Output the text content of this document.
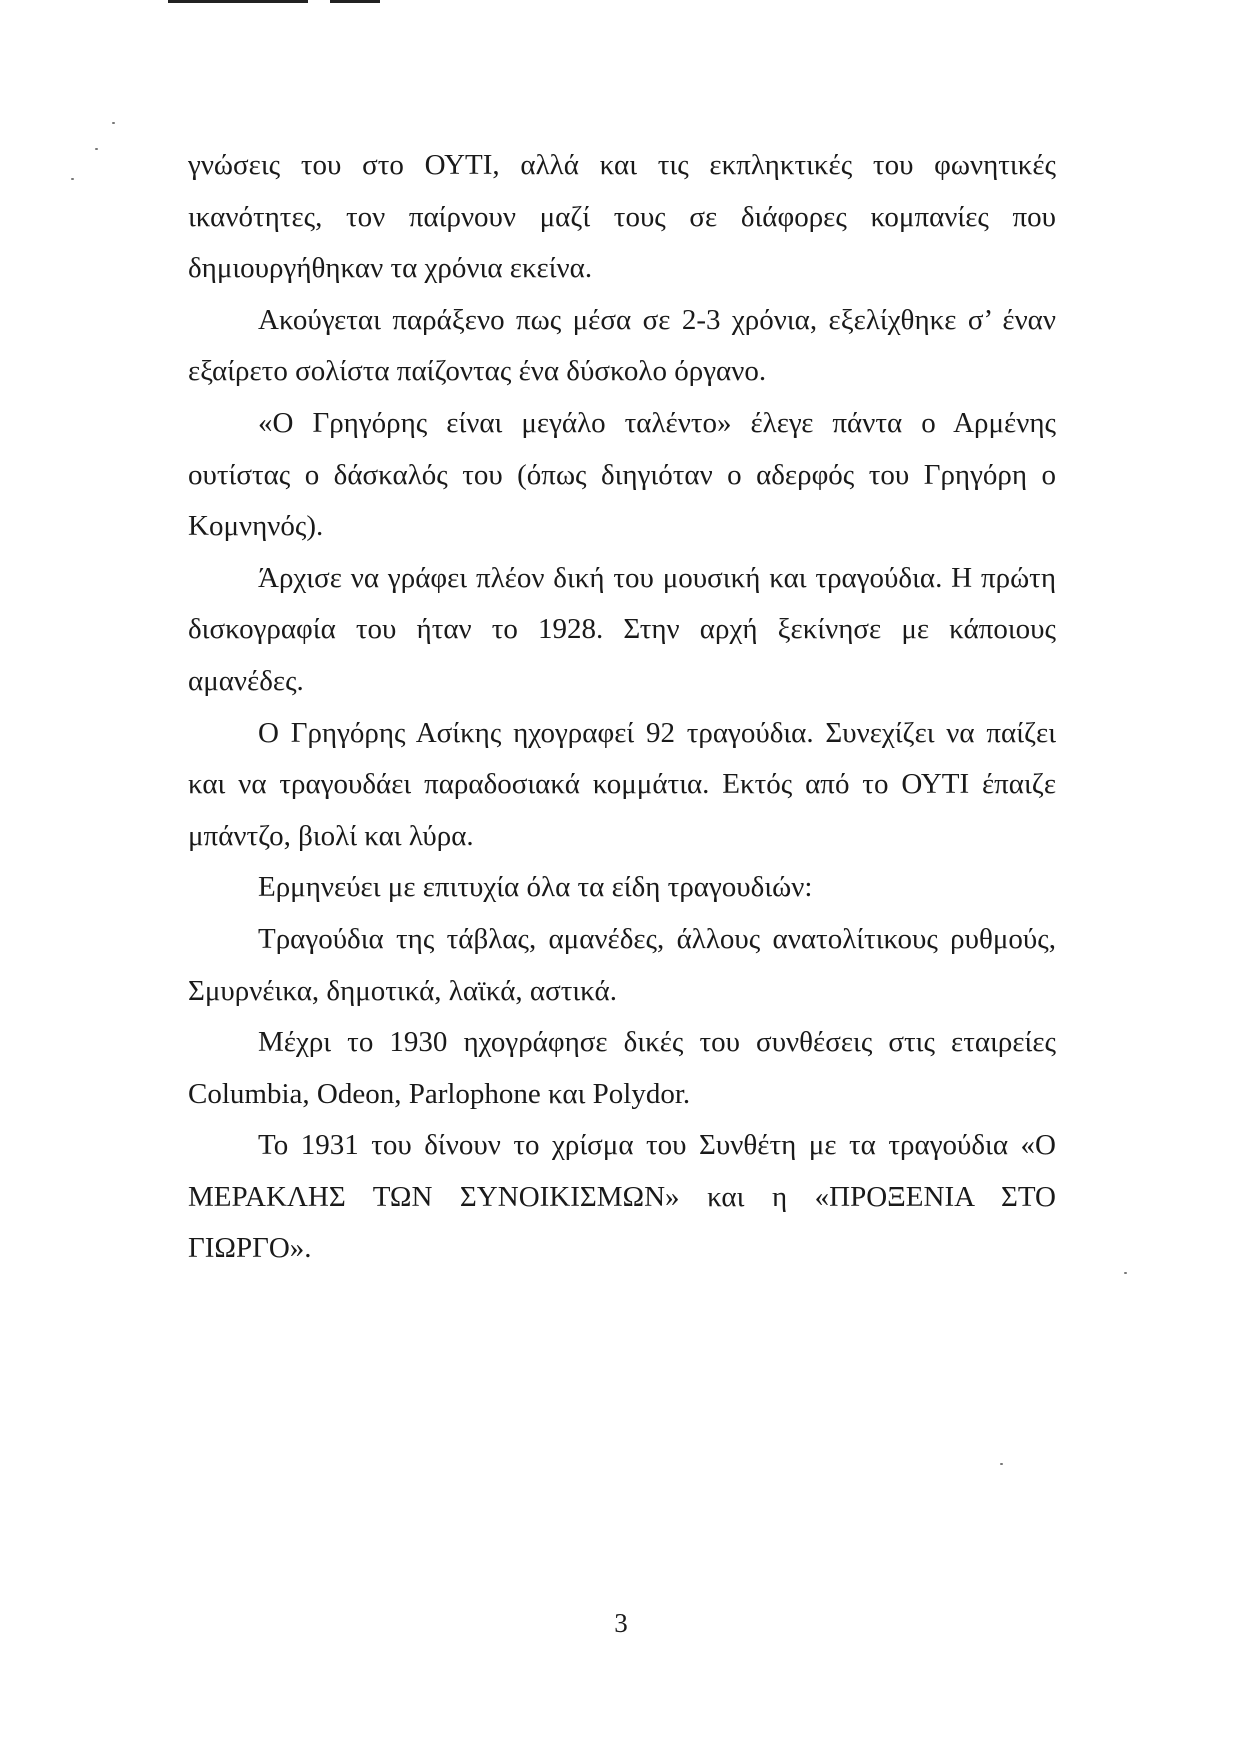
γνώσεις του στο ΟΥΤΙ, αλλά και τις εκπληκτικές του φωνητικές ικανότητες, τον παίρνουν μαζί τους σε διάφορες κομπανίες που δημιουργήθηκαν τα χρόνια εκείνα.

Ακούγεται παράξενο πως μέσα σε 2-3 χρόνια, εξελίχθηκε σ’ έναν εξαίρετο σολίστα παίζοντας ένα δύσκολο όργανο.

«Ο Γρηγόρης είναι μεγάλο ταλέντο» έλεγε πάντα ο Αρμένης ουτίστας ο δάσκαλός του (όπως διηγιόταν ο αδερφός του Γρηγόρη ο Κομνηνός).

Άρχισε να γράφει πλέον δική του μουσική και τραγούδια. Η πρώτη δισκογραφία του ήταν το 1928. Στην αρχή ξεκίνησε με κάποιους αμανέδες.

Ο Γρηγόρης Ασίκης ηχογραφεί 92 τραγούδια. Συνεχίζει να παίζει και να τραγουδάει παραδοσιακά κομμάτια. Εκτός από το ΟΥΤΙ έπαιζε μπάντζο, βιολί και λύρα.

Ερμηνεύει με επιτυχία όλα τα είδη τραγουδιών:

Τραγούδια της τάβλας, αμανέδες, άλλους ανατολίτικους ρυθμούς, Σμυρνέικα, δημοτικά, λαϊκά, αστικά.

Μέχρι το 1930 ηχογράφησε δικές του συνθέσεις στις εταιρείες Columbia, Odeon, Parlophone και Polydor.

Το 1931 του δίνουν το χρίσμα του Συνθέτη με τα τραγούδια «Ο ΜΕΡΑΚΛΗΣ ΤΩΝ ΣΥΝΟΙΚΙΣΜΩΝ» και η «ΠΡΟΞΕΝΙΑ ΣΤΟ ΓΙΩΡΓΟ».

3
